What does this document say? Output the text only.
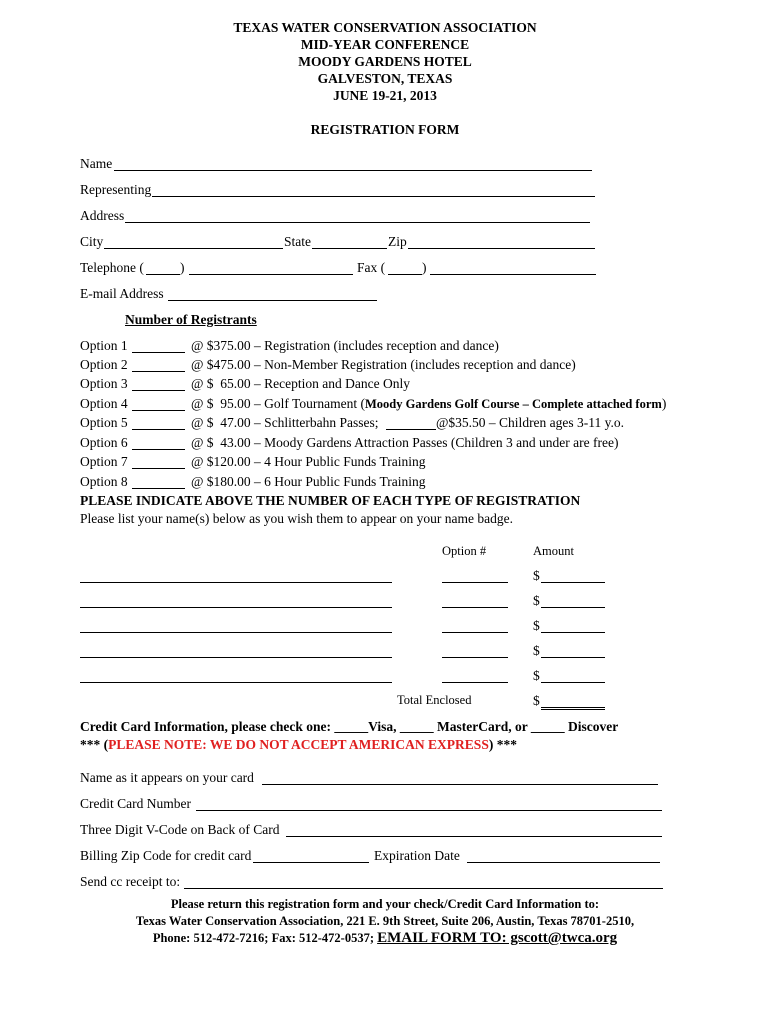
TEXAS WATER CONSERVATION ASSOCIATION
MID-YEAR CONFERENCE
MOODY GARDENS HOTEL
GALVESTON, TEXAS
JUNE 19-21, 2013
REGISTRATION FORM
Name
Representing
Address
City	State	Zip
Telephone (	)	Fax (	)
E-mail Address
Number of Registrants
Option 1	@ $375.00 – Registration (includes reception and dance)
Option 2	@ $475.00 – Non-Member Registration (includes reception and dance)
Option 3	@ $  65.00 – Reception and Dance Only
Option 4	@ $  95.00 – Golf Tournament (Moody Gardens Golf Course – Complete attached form)
Option 5	@ $  47.00 – Schlitterbahn Passes;	@$35.50 – Children ages 3-11 y.o.
Option 6	@ $  43.00 – Moody Gardens Attraction Passes (Children 3 and under are free)
Option 7	@ $120.00 – 4 Hour Public Funds Training
Option 8	@ $180.00 – 6 Hour Public Funds Training
PLEASE INDICATE ABOVE THE NUMBER OF EACH TYPE OF REGISTRATION
Please list your name(s) below as you wish them to appear on your name badge.
Option #	Amount
$
$
$
$
$
Total Enclosed	$
Credit Card Information, please check one: _____Visa, _____ MasterCard, or _____ Discover
*** (PLEASE NOTE: WE DO NOT ACCEPT AMERICAN EXPRESS) ***
Name as it appears on your card
Credit Card Number
Three Digit V-Code on Back of Card
Billing Zip Code for credit card	Expiration Date
Send cc receipt to:
Please return this registration form and your check/Credit Card Information to:
Texas Water Conservation Association, 221 E. 9th Street, Suite 206, Austin, Texas 78701-2510,
Phone: 512-472-7216; Fax: 512-472-0537; EMAIL FORM TO: gscott@twca.org
